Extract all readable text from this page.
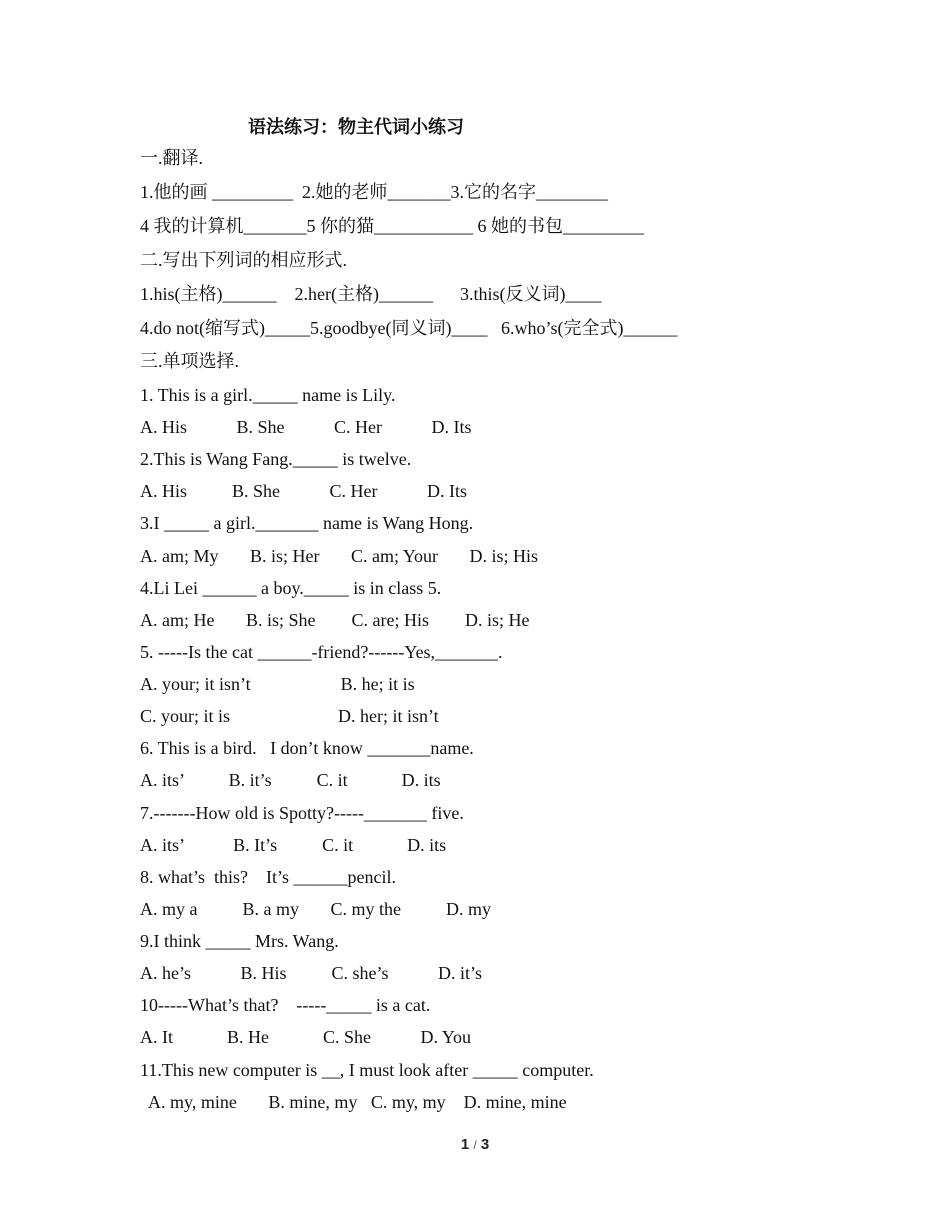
语法练习：物主代词小练习
一.翻译.
1.他的画 _________  2.她的老师_______3.它的名字________
4 我的计算机_______5 你的猫___________ 6 她的书包_________
二.写出下列词的相应形式.
1.his(主格)______    2.her(主格)______      3.this(反义词)____
4.do not(缩写式)_____5.goodbye(同义词)____   6.who’s(完全式)______
三.单项选择.
1. This is a girl._____ name is Lily.
A. His           B. She           C. Her           D. Its
2.This is Wang Fang._____ is twelve.
A. His          B. She           C. Her           D. Its
3.I _____ a girl._______ name is Wang Hong.
A. am; My       B. is; Her       C. am; Your       D. is; His
4.Li Lei ______ a boy._____ is in class 5.
A. am; He       B. is; She        C. are; His        D. is; He
5. -----Is the cat ______-friend?------Yes,_______.
A. your; it isn’t                    B. he; it is
C. your; it is                        D. her; it isn’t
6. This is a bird.   I don’t know _______name.
A. its’          B. it’s          C. it            D. its
7.-------How old is Spotty?-----_______ five.
A. its’           B. It’s          C. it            D. its
8. what’s  this?    It’s ______pencil.
A. my a          B. a my       C. my the          D. my
9.I think _____ Mrs. Wang.
A. he’s           B. His          C. she’s           D. it’s
10-----What’s that?    -----_____ is a cat.
A. It            B. He            C. She           D. You
11.This new computer is __, I must look after _____ computer.
A. my, mine       B. mine, my   C. my, my    D. mine, mine
1 / 3
